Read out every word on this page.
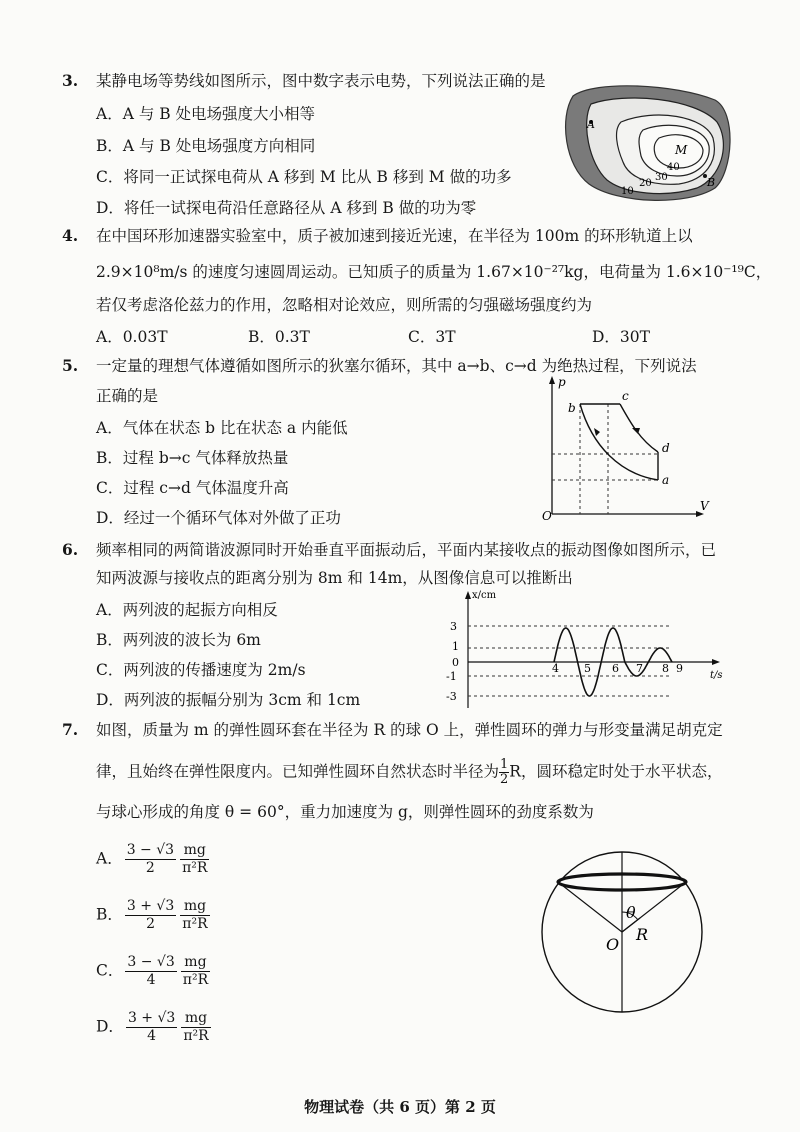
3. 某静电场等势线如图所示，图中数字表示电势，下列说法正确的是
A．A 与 B 处电场强度大小相等
B．A 与 B 处电场强度方向相同
C．将同一正试探电荷从 A 移到 M 比从 B 移到 M 做的功多
D．将任一试探电荷沿任意路径从 A 移到 B 做的功为零
A
M
B
10
20
30
40
4. 在中国环形加速器实验室中，质子被加速到接近光速，在半径为 100m 的环形轨道上以
2.9×10⁸m/s 的速度匀速圆周运动。已知质子的质量为 1.67×10⁻²⁷kg，电荷量为 1.6×10⁻¹⁹C，
若仅考虑洛伦兹力的作用，忽略相对论效应，则所需的匀强磁场强度约为
A．0.03T	B．0.3T	C．3T	D．30T
5. 一定量的理想气体遵循如图所示的狄塞尔循环，其中 a→b、c→d 为绝热过程，下列说法
正确的是
A．气体在状态 b 比在状态 a 内能低
B．过程 b→c 气体释放热量
C．过程 c→d 气体温度升高
D．经过一个循环气体对外做了正功
p
V
O
b
c
d
a
6. 频率相同的两简谐波源同时开始垂直平面振动后，平面内某接收点的振动图像如图所示，已
知两波源与接收点的距离分别为 8m 和 14m，从图像信息可以推断出
A．两列波的起振方向相反
B．两列波的波长为 6m
C．两列波的传播速度为 2m/s
D．两列波的振幅分别为 3cm 和 1cm
x/cm
t/s
3
1
0
-1
-3
4 5 6 7 8 9
7. 如图，质量为 m 的弹性圆环套在半径为 R 的球 O 上，弹性圆环的弹力与形变量满足胡克定
律，且始终在弹性限度内。已知弹性圆环自然状态时半径为 $\frac{1}{2}$ R，圆环稳定时处于水平状态，
与球心形成的角度 θ = 60°，重力加速度为 g，则弹性圆环的劲度系数为
A． $\frac{3 - √3}{2} \frac{mg}{\text{π²R}}$
B． $\frac{3 + √3}{2} \frac{mg}{\text{π²R}}$
C． $\frac{3 - √3}{4} \frac{mg}{\text{π²R}}$
D． $\frac{3 + √3}{4} \frac{mg}{\text{π²R}}$
θ
O
R
物理试卷（共 6 页）第 2 页
